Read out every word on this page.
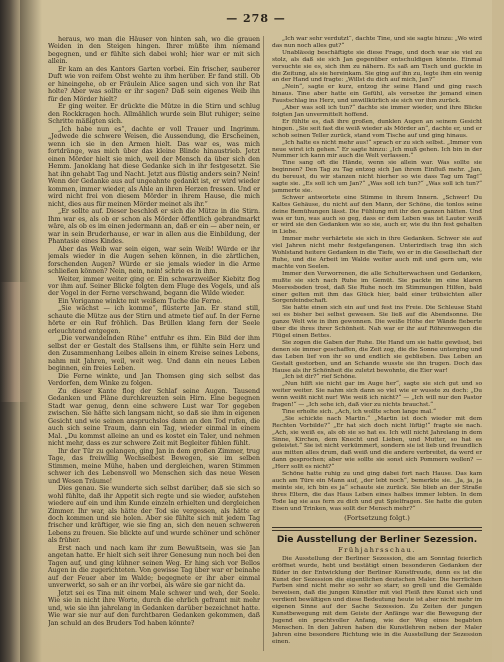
— 278 —

heraus, wo man die Häuser von hinten sah, wo die grauen Weiden in den Steigen hingen. Ihrer müßte ihm niemand begegnen, und er fühlte sich dabei wohl; hier war er mit sich allein.

Er kam an des Kantors Garten vorbei. Ein frischer, sauberer Duft wie von reifem Obst wehte zu ihm herüber. Er fand still. Ob er hineingehe, ob er Fräulein Alice sagen und sich von ihr Rat holte? Aber was sollte er ihr sagen? Daß sein eigenes Weib ihn für den Mörder hielt?

Er ging weiter. Er drückte die Mütze in die Stirn und schlug den Rockkragen hoch. Allmählich wurde sein Blut ruhiger; seine Schritte mäßigten sich.

„Ich habe nun es“, dachte er voll Trauer und Ingrimm. „Jedwede die schwere Weisen, die Aussendung, die Erscheinen, wenn ich sie in den Armen hielt. Das war es, was mich fortdränge, was mich über das kleine Blinde hinaustrieb. Jetzt einen Mörder hielt sie mich, weil der Mensch da über sich den Hemm. Janoklang hat diese Gedanke sich in ihr festgesetzt. Sie hat ihn gehabt Tag und Nacht. Jetzt aus flüstig anders sein? Nein! Wenn der Gedanke aus auf ungeahnte gedankt ist, er wird wieder kommen, immer wieder, als Ahle an ihren Herzen fressen. Und er wird nicht frei von diesem Mörder in ihrem Hause, die mich nicht, dies aus für meinen Mörder meinet als ihr.“

„Er sollte auf. Dieser beschloß er sich die Mütze in die Stirn. Ihm war es, als ob er schon als Mörder öffentlich gebrandmarkt wäre, als ob es im einen jedermann an, daß er ein — aber nein, er war in sein Bruderhause, er war in allen aus die Einbildung, der Phantasie eines Kindes.

Aber das Weib war sein eigen, war sein Weib! Würde er ihr jemals wieder in die Augen sehen können, in die zärtlichen, forschenden Augen? Würde er sie jemals wieder in die Arme schließen können? Nein, nein, nein! schrie es in ihm.

Weiter, immer weiter ging er. Ein schwarzweißer Kiebitz flog vor ihm auf. Seiner Blicke folgten dem Fluge des Vogels, und als der Vogel in der Ferne verschwand, begann die Wilde wieder.

Ein Voriganne winkte mit weißem Tuche die Ferne.

„Sie wächst — ich komme“, flüsterte Jan. Er stand still, schaute die Mütze aus der Stirn und atmete tief auf. In der Ferne hörte er ein Ruf fröhlich. Das Brüllen klang fern der Seele erleuchtend entgegen.

„Die verwandelnden Rühe“ entfuhr es ihm. Ein Bild der ihm selbst der er Gestalt des Stallsens ihm, er fühlte sein Herz und den Zusammenhang Leibes allein in einem Kreise seines Lebens, nahm mit Jahren, weil, weit weg. Und dann ein neues Leben beginnen, ein freies Leben.

Die Ferne winkte, und Jan Thomsen ging sich selbst das Verdorfen, dem Winke zu folgen.

Zu dieser Kante flog der Schlaf seine Augen. Tausend Gedanken und Pläne durchkreuzten sein Hirn. Eine begegnen Stadt war genug, denn eine schwere Lust war Tor gegeben zwischen. Sie hätte sich langsam nicht, so daß sie ihm in eigenen Gesicht und wie seinen anspruchslos dann an den Tod rufen, die auch sich seine Traum, dann ein Tag, wieder einmal in einem Mal. „Du kommst alleine an und es kostet ein Taler, und nehmen nicht mehr, dass es zur schwere Zeit mit Begleiter fühlen fühlt.

Ihr der Tür zu gelangen, ging Jan in dem großen Zimmer, trug Tage, das freiwillig Wechselbest Bewegen, sie im selben Stimmen, meine Mühe, haben und dergleichen, waren Stimmen schwer ich des Lebensvoll wo Menschen sich das neue Wesen und Wesen Träume!

Dies genau. Sie wunderte sich selbst darüber, daß sie sich so wohl fühlte, daß ihr Appetit sich regte und sie wieder, aufstehen wiedere auf ein und ihm Kunde einzeln erhielten und dergleichen Zimmer. Ihr war, als hätte der Tod sie vergessen, als hätte er doch kommen und sie holen. Aber sie fühlte sich mit jedem Tag frischer und kräftiger, wie sie fing an, sich den neuen schweren Lebens zu freuen. Sie blickte auf und wurde schöner und schöner als früher.

Erst nach und nach kam ihr zum Bewußtsein, was sie Jan angetan hatte. Er hielt sich seit ihrer Genesung nun noch bei den Tagen auf, und ging kühner seinen Weg. Er hing sich vor Bellos Augen in die zugerichteten. Von gewisse Tag über war er beinahe auf der Feuer aber im Walde; begegnete er ihr aber einmal unverwerkt, so sah er an ihr vorbei, als wäre sie gar nicht da.

Jetzt sei es Tina mit einem Male schwer und weh, der Seele. Wie sie in nicht ihre Worte, durch die ehrlich geframt mit mehr und, wie sie ihn jahrelang in Gedanken darüber bezeichnet hatte. Wie war sie nur auf den furchtbaren Gedanken gekommen, daß Jan schuld an des Bruders Tod haben könnte?

„Ich war sehr verdutzt“, dachte Tine, und sie sagte hinzu: „Wo wird das nun noch alles gut?“

Unablässig beschäftigte sie diese Frage, und doch war sie viel zu stolz, als daß sie sich Jan gegenüber entschuldigen könnte. Einmal versuchte sie es, sich ihm zu nähern. Es saß am Tisch und guckte in die Zeitung, als sie hereinkam. Sie ging auf ihn zu, legte ihm ein wenig an der Hand und fragte: „Willst du dich auf mich, Jan?“

„Nein“, sagte er kurz, entzog ihr seine Hand und ging rasch hinaus. Tine aber hatte ein Gefühl, als versetze ihr jemand einen Faustschlag ins Herz, und unwillkürlich sie sich vor ihm zurück.

„Aber was soll ich tun?“ dachte sie immer wieder, und ihre Blicke folgten Jan unvermittelt hoffend.

Er fühlte es, daß ihre großen, dunklen Augen an seinem Gesicht hingen. „Sie seit fast die weiß wieder als Mörder an“, dachte er, und er schob seinen Teller zurück, stand vom Tische auf und ging hinaus.

„Ich halte es nicht mehr aus!“ sprach er zu sich selbst. „Immer von neue wirst ich gehen.“ Er sagte hinzu: „Ich muß gehen. Ich bin in der Nummer ich kann mir auch die Welt verlassen.“

Tine sang oft die Hände, wenn sie allein war. Was sollte sie beginnen? Den Tag zu Tag entzog sich Jan ihrem Einfluß mehr. „Jan, du bereust, du wir stanzen nicht hierher so wie dass Tag um Tag!“ sagte sie. „Es soll ich um Jan?“ „Was soll ich tun?“ „Was soll ich tun?“ jammerte sie.

Schwer antwortete eine Stimme in ihrem Innern. „Schwer! Du Kaltes Gehäuse, du nicht auf den Mann, der Schöne, die tonlos seine deine Bemühungen lässt. Die Fühlung mit ihr den ganzen hätten. Und was er tun, was auch so geg, dass er dem Leben was ist Lauter weiß er wird sie den Gedanken wie so sie, auch er, wie du ihn fest gehalten in Liebe.

Immer mehr verhärtete sie sich in ihre Gedanken. Schwer sie auf viel Jahren nicht mehr festgefangenen. Unterirdisch trag ihn sich Wohlstand heitere Gedanken in die Tiefe, wo er in die Gesellschaft der Ruhe, und die Arbeit im Walde weiter auch mit und gern um, wie machte von Seelen.

Immer den Verworrenen, die alle Schulterwachsen und Gedanken, mußte sie sich nach Ruhe im Gemüt. Sie packte im eine klaren Meeresboden trost, daß Sie Ruhe noch im Stimmungen Hilfen, bald einer gelten mit ihm das Glück hier, bald einer trübsichten aller Sorgenfeindschaft.

Sie hatte einen sich ein auf und fest ins Freie. Die Schleuse Stahl sei es bisher bei selbst gewesen. Sie ließ auf die Abendsonne. Die ganze Welt wie in ihm gewonnen. Die weiße Höhe der Wände fieberte über die ihres ihrer Schönheit. Nah war er ihr auf Röhrenwegen die Flügel einen Bettes.

Sie zogen die Gaben der Ruhe. Die Hand um sie hatte gewüsst, bei denen sie immer geschaffen, die Zeit zog, die die Sonne unterging und das Leben lief von ihr so und endlich sie geblieben. Das Leben an Gestalt gestorben, und an Schande wusste sie ihn trugen. Doch das Hause als ihr Schönheit die zuletzt bewohnte, die Eier war!

„Ich ist dir?“ rief Schöne.

„Nun hilft sie nicht gar im Auge her“, sagte sie sich gut und so weiter weiter. Sie nahm sich dann so viel wie er wusste zu doch: „Du wenn weißt nicht nur! Wie weiß ich nicht?“ — „Ich will nur den Pastor fragen!“ — „Ich sehe ich, daß vier zu nichts brauchst.“

Tine erholte sich. „Ach, ich wollte schon lange mal.“

„Sie schickte nach Martin.“ „Martin ist doch wieder mit dem Rechten Vorbilde?“ „Er hat sich doch nicht lüftig!“ fragte sie nach. „Ach, sie weiß es, als ob sie so hat es. Ich will nicht Jahrelang in dem Sinne, Kirchen, dem Knecht und Lieben, und Mutter, so hat es geleistet.“ Sie ist nicht verkümmert, sondern sie ist lieb und freundlich aus mitten alles drum, daß weiß und die andere verbreitet, da werd er dann gesprochen; aber wie sollte sie sonst sich Pommern wollen? — „Herr sollt es nicht?“

Schöne hatte ruhig zu und ging dabei fort nach Hause. Das kam auch am Türe ein Mann auf, „der lebt noch“, bemerkte sie. „Ja, ja, ja meinte sie, ich bin es ja“ schaute sie zurück. Sie blieb an der Straße ihres Eltern, die das Haus Leben eines halbes immer lebten. In dem Tode lag sie aus fern zu dich und gut Spielfragen. Sie hatte die guten Eisen und Trinken, was sollt der Mensch mehr?“

(Fortsetzung folgt.)

Die Ausstellung der Berliner Sezession.
Frühjahrsschau.

Die Ausstellung der Berliner Sezession, die am Sonntag feierlich eröffnet wurde, hebt und bestätigt einen besonderen Gedanken der Bilder in der Entwicklung der Berliner Kunstfreude, denn es ist die Kunst der Sezession die eigentlichen deutschen Maler. Die herrlichen Farben sind nicht mehr so sehr so starr, so grell und die Gemälde beweisen, daß die jungen Künstler mit viel Fleiß ihre Kunst sich und verdient bewältigen und diese Bedeutung heute ist aber nicht mehr im eigenen Sinne auf der Sache Sezession. Zu Zeiten der jungen Kunstbewegung mit dem Geiste der Anfänge war die Bewegung der Jugend ein prachtvoller Anfang, wie der Weg eines begabten Menschen. In den Jahren haben die Kunstlehren neben der Maler Jahren eine besondere Richtung wie in die Ausstellung der Sezession einen.
